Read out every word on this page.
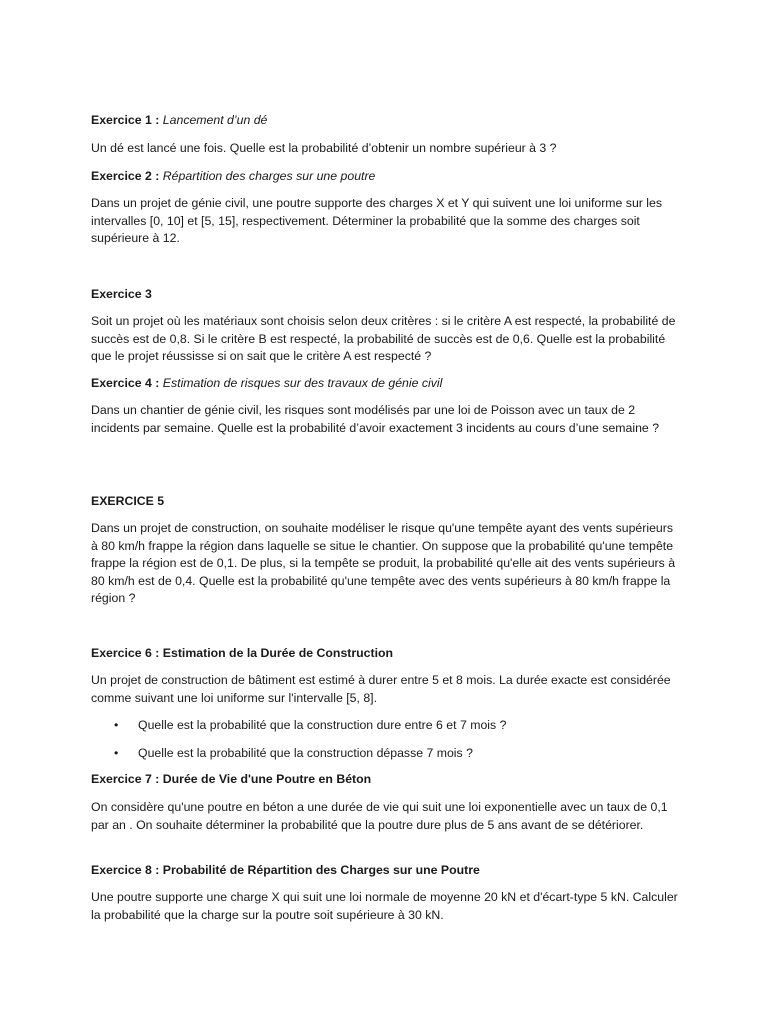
Exercice 1 : Lancement d’un dé

Un dé est lancé une fois. Quelle est la probabilité d’obtenir un nombre supérieur à 3 ?

Exercice 2 : Répartition des charges sur une poutre

Dans un projet de génie civil, une poutre supporte des charges X et Y qui suivent une loi uniforme sur les intervalles [0, 10] et [5, 15], respectivement. Déterminer la probabilité que la somme des charges soit supérieure à 12.

Exercice 3

Soit un projet où les matériaux sont choisis selon deux critères : si le critère A est respecté, la probabilité de succès est de 0,8. Si le critère B est respecté, la probabilité de succès est de 0,6. Quelle est la probabilité que le projet réussisse si on sait que le critère A est respecté ?

Exercice 4 : Estimation de risques sur des travaux de génie civil

Dans un chantier de génie civil, les risques sont modélisés par une loi de Poisson avec un taux de 2 incidents par semaine. Quelle est la probabilité d’avoir exactement 3 incidents au cours d’une semaine ?

EXERCICE 5

Dans un projet de construction, on souhaite modéliser le risque qu'une tempête ayant des vents supérieurs à 80 km/h frappe la région dans laquelle se situe le chantier. On suppose que la probabilité qu'une tempête frappe la région est de 0,1. De plus, si la tempête se produit, la probabilité qu'elle ait des vents supérieurs à 80 km/h est de 0,4. Quelle est la probabilité qu'une tempête avec des vents supérieurs à 80 km/h frappe la région ?

Exercice 6 : Estimation de la Durée de Construction

Un projet de construction de bâtiment est estimé à durer entre 5 et 8 mois. La durée exacte est considérée comme suivant une loi uniforme sur l'intervalle [5, 8].

• Quelle est la probabilité que la construction dure entre 6 et 7 mois ?
• Quelle est la probabilité que la construction dépasse 7 mois ?

Exercice 7 : Durée de Vie d'une Poutre en Béton

On considère qu'une poutre en béton a une durée de vie qui suit une loi exponentielle avec un taux de 0,1 par an . On souhaite déterminer la probabilité que la poutre dure plus de 5 ans avant de se détériorer.

Exercice 8 : Probabilité de Répartition des Charges sur une Poutre

Une poutre supporte une charge X qui suit une loi normale de moyenne 20 kN et d'écart-type 5 kN. Calculer la probabilité que la charge sur la poutre soit supérieure à 30 kN.
